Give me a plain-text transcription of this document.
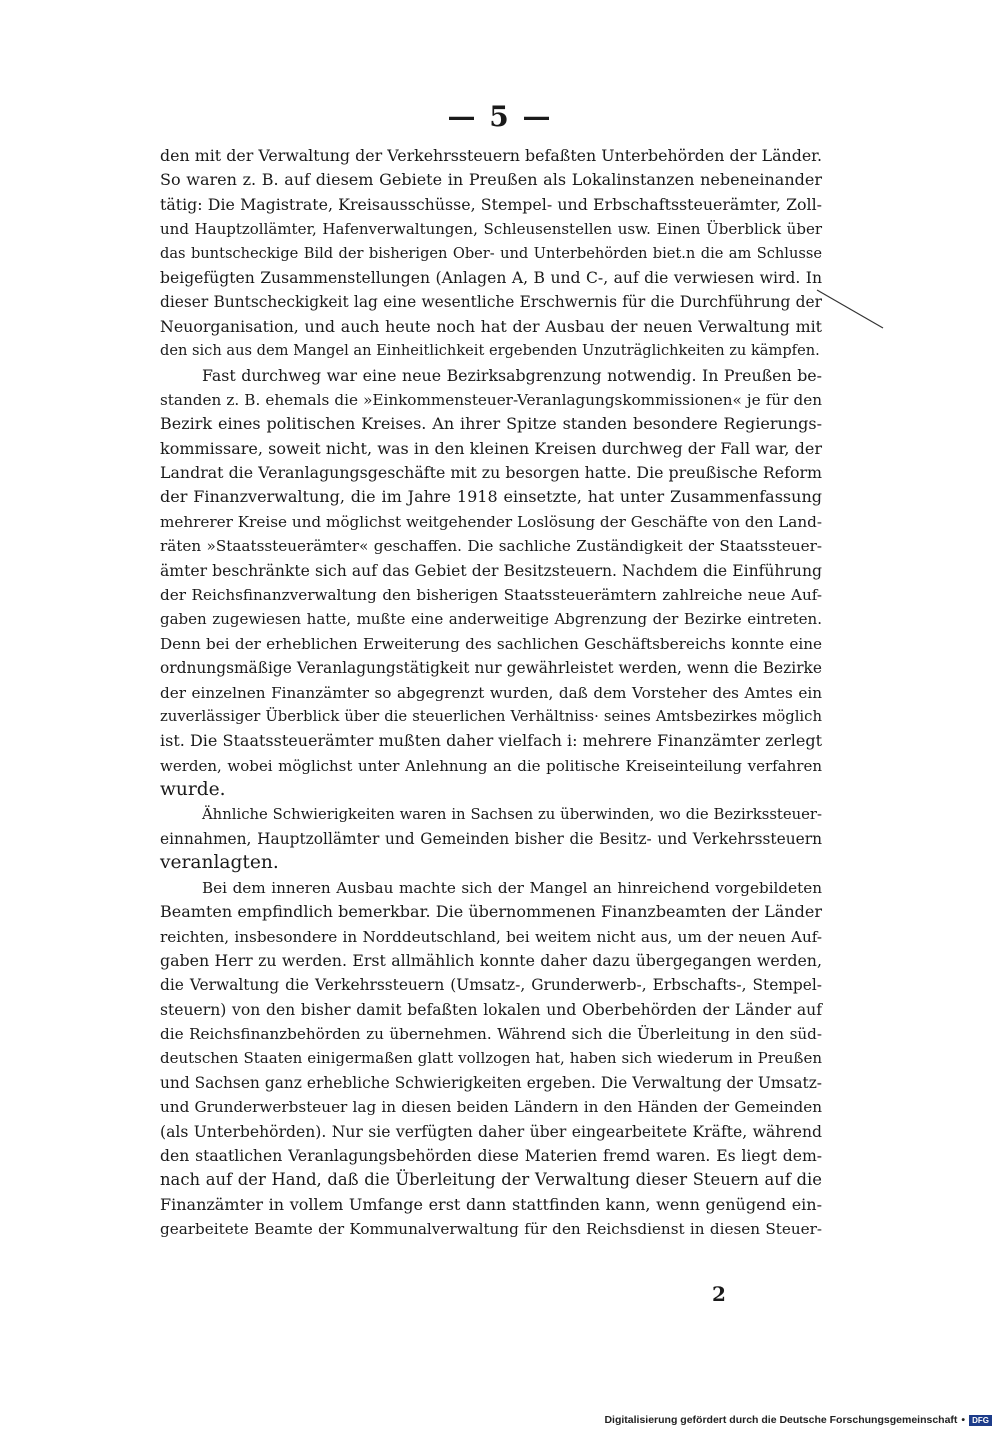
— 5 —
den mit der Verwaltung der Verkehrssteuern befaßten Unterbehörden der Länder.
So waren z. B. auf diesem Gebiete in Preußen als Lokalinstanzen nebeneinander
tätig: Die Magistrate, Kreisausschüsse, Stempel- und Erbschaftssteuerämter, Zoll-
und Hauptzollämter, Hafenverwaltungen, Schleusenstellen usw. Einen Überblick über
das buntscheckige Bild der bisherigen Ober- und Unterbehörden biet.n die am Schlusse
beigefügten Zusammenstellungen (Anlagen A, B und C-, auf die verwiesen wird. In
dieser Buntscheckigkeit lag eine wesentliche Erschwernis für die Durchführung der
Neuorganisation, und auch heute noch hat der Ausbau der neuen Verwaltung mit
den sich aus dem Mangel an Einheitlichkeit ergebenden Unzuträglichkeiten zu kämpfen.
Fast durchweg war eine neue Bezirksabgrenzung notwendig. In Preußen be-
standen z. B. ehemals die »Einkommensteuer-Veranlagungskommissionen« je für den
Bezirk eines politischen Kreises. An ihrer Spitze standen besondere Regierungs-
kommissare, soweit nicht, was in den kleinen Kreisen durchweg der Fall war, der
Landrat die Veranlagungsgeschäfte mit zu besorgen hatte. Die preußische Reform
der Finanzverwaltung, die im Jahre 1918 einsetzte, hat unter Zusammenfassung
mehrerer Kreise und möglichst weitgehender Loslösung der Geschäfte von den Land-
räten »Staatssteuerämter« geschaffen. Die sachliche Zuständigkeit der Staatssteuer-
ämter beschränkte sich auf das Gebiet der Besitzsteuern. Nachdem die Einführung
der Reichsfinanzverwaltung den bisherigen Staatssteuerämtern zahlreiche neue Auf-
gaben zugewiesen hatte, mußte eine anderweitige Abgrenzung der Bezirke eintreten.
Denn bei der erheblichen Erweiterung des sachlichen Geschäftsbereichs konnte eine
ordnungsmäßige Veranlagungstätigkeit nur gewährleistet werden, wenn die Bezirke
der einzelnen Finanzämter so abgegrenzt wurden, daß dem Vorsteher des Amtes ein
zuverlässiger Überblick über die steuerlichen Verhältniss· seines Amtsbezirkes möglich
ist. Die Staatssteuerämter mußten daher vielfach i: mehrere Finanzämter zerlegt
werden, wobei möglichst unter Anlehnung an die politische Kreiseinteilung verfahren
wurde.
Ähnliche Schwierigkeiten waren in Sachsen zu überwinden, wo die Bezirkssteuer-
einnahmen, Hauptzollämter und Gemeinden bisher die Besitz- und Verkehrssteuern
veranlagten.
Bei dem inneren Ausbau machte sich der Mangel an hinreichend vorgebildeten
Beamten empfindlich bemerkbar. Die übernommenen Finanzbeamten der Länder
reichten, insbesondere in Norddeutschland, bei weitem nicht aus, um der neuen Auf-
gaben Herr zu werden. Erst allmählich konnte daher dazu übergegangen werden,
die Verwaltung die Verkehrssteuern (Umsatz-, Grunderwerb-, Erbschafts-, Stempel-
steuern) von den bisher damit befaßten lokalen und Oberbehörden der Länder auf
die Reichsfinanzbehörden zu übernehmen. Während sich die Überleitung in den süd-
deutschen Staaten einigermaßen glatt vollzogen hat, haben sich wiederum in Preußen
und Sachsen ganz erhebliche Schwierigkeiten ergeben. Die Verwaltung der Umsatz-
und Grunderwerbsteuer lag in diesen beiden Ländern in den Händen der Gemeinden
(als Unterbehörden). Nur sie verfügten daher über eingearbeitete Kräfte, während
den staatlichen Veranlagungsbehörden diese Materien fremd waren. Es liegt dem-
nach auf der Hand, daß die Überleitung der Verwaltung dieser Steuern auf die
Finanzämter in vollem Umfange erst dann stattfinden kann, wenn genügend ein-
gearbeitete Beamte der Kommunalverwaltung für den Reichsdienst in diesen Steuer-
2
Digitalisierung gefördert durch die Deutsche Forschungsgemeinschaft • DFG
